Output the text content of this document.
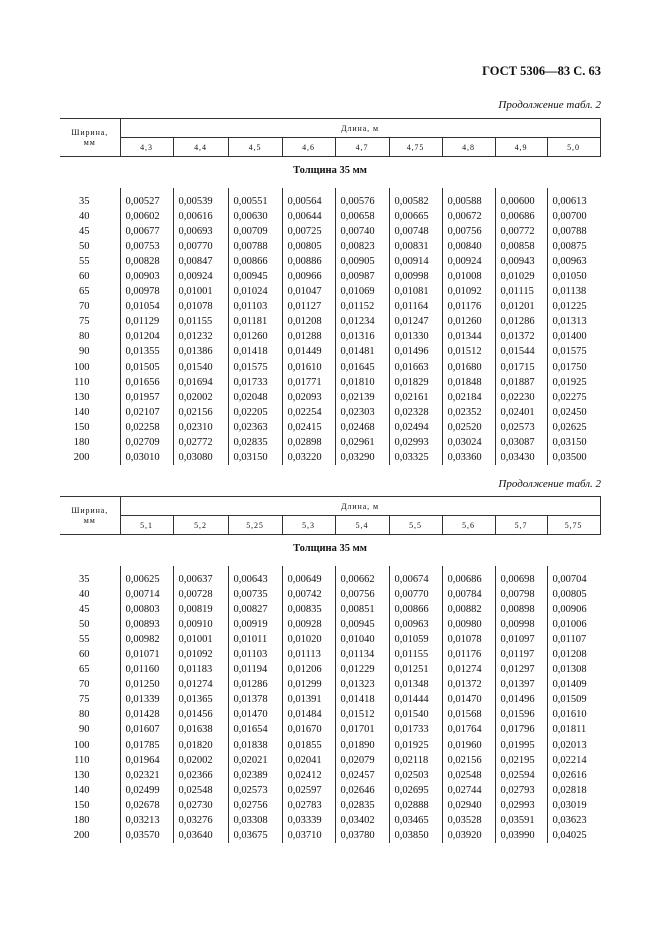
ГОСТ 5306—83 С. 63
Продолжение табл. 2
Ширина,
мм	Длина, м								
	4,3	4,4	4,5	4,6	4,7	4,75	4,8	4,9	5,0
Толщина 35 мм									

35	0,00527	0,00539	0,00551	0,00564	0,00576	0,00582	0,00588	0,00600	0,00613
40	0,00602	0,00616	0,00630	0,00644	0,00658	0,00665	0,00672	0,00686	0,00700
45	0,00677	0,00693	0,00709	0,00725	0,00740	0,00748	0,00756	0,00772	0,00788
50	0,00753	0,00770	0,00788	0,00805	0,00823	0,00831	0,00840	0,00858	0,00875
55	0,00828	0,00847	0,00866	0,00886	0,00905	0,00914	0,00924	0,00943	0,00963
60	0,00903	0,00924	0,00945	0,00966	0,00987	0,00998	0,01008	0,01029	0,01050
65	0,00978	0,01001	0,01024	0,01047	0,01069	0,01081	0,01092	0,01115	0,01138
70	0,01054	0,01078	0,01103	0,01127	0,01152	0,01164	0,01176	0,01201	0,01225
75	0,01129	0,01155	0,01181	0,01208	0,01234	0,01247	0,01260	0,01286	0,01313
80	0,01204	0,01232	0,01260	0,01288	0,01316	0,01330	0,01344	0,01372	0,01400
90	0,01355	0,01386	0,01418	0,01449	0,01481	0,01496	0,01512	0,01544	0,01575
100	0,01505	0,01540	0,01575	0,01610	0,01645	0,01663	0,01680	0,01715	0,01750
110	0,01656	0,01694	0,01733	0,01771	0,01810	0,01829	0,01848	0,01887	0,01925
130	0,01957	0,02002	0,02048	0,02093	0,02139	0,02161	0,02184	0,02230	0,02275
140	0,02107	0,02156	0,02205	0,02254	0,02303	0,02328	0,02352	0,02401	0,02450
150	0,02258	0,02310	0,02363	0,02415	0,02468	0,02494	0,02520	0,02573	0,02625
180	0,02709	0,02772	0,02835	0,02898	0,02961	0,02993	0,03024	0,03087	0,03150
200	0,03010	0,03080	0,03150	0,03220	0,03290	0,03325	0,03360	0,03430	0,03500
Продолжение табл. 2
Ширина,
мм	Длина, м								
	5,1	5,2	5,25	5,3	5,4	5,5	5,6	5,7	5,75
Толщина 35 мм									

35	0,00625	0,00637	0,00643	0,00649	0,00662	0,00674	0,00686	0,00698	0,00704
40	0,00714	0,00728	0,00735	0,00742	0,00756	0,00770	0,00784	0,00798	0,00805
45	0,00803	0,00819	0,00827	0,00835	0,00851	0,00866	0,00882	0,00898	0,00906
50	0,00893	0,00910	0,00919	0,00928	0,00945	0,00963	0,00980	0,00998	0,01006
55	0,00982	0,01001	0,01011	0,01020	0,01040	0,01059	0,01078	0,01097	0,01107
60	0,01071	0,01092	0,01103	0,01113	0,01134	0,01155	0,01176	0,01197	0,01208
65	0,01160	0,01183	0,01194	0,01206	0,01229	0,01251	0,01274	0,01297	0,01308
70	0,01250	0,01274	0,01286	0,01299	0,01323	0,01348	0,01372	0,01397	0,01409
75	0,01339	0,01365	0,01378	0,01391	0,01418	0,01444	0,01470	0,01496	0,01509
80	0,01428	0,01456	0,01470	0,01484	0,01512	0,01540	0,01568	0,01596	0,01610
90	0,01607	0,01638	0,01654	0,01670	0,01701	0,01733	0,01764	0,01796	0,01811
100	0,01785	0,01820	0,01838	0,01855	0,01890	0,01925	0,01960	0,01995	0,02013
110	0,01964	0,02002	0,02021	0,02041	0,02079	0,02118	0,02156	0,02195	0,02214
130	0,02321	0,02366	0,02389	0,02412	0,02457	0,02503	0,02548	0,02594	0,02616
140	0,02499	0,02548	0,02573	0,02597	0,02646	0,02695	0,02744	0,02793	0,02818
150	0,02678	0,02730	0,02756	0,02783	0,02835	0,02888	0,02940	0,02993	0,03019
180	0,03213	0,03276	0,03308	0,03339	0,03402	0,03465	0,03528	0,03591	0,03623
200	0,03570	0,03640	0,03675	0,03710	0,03780	0,03850	0,03920	0,03990	0,04025
